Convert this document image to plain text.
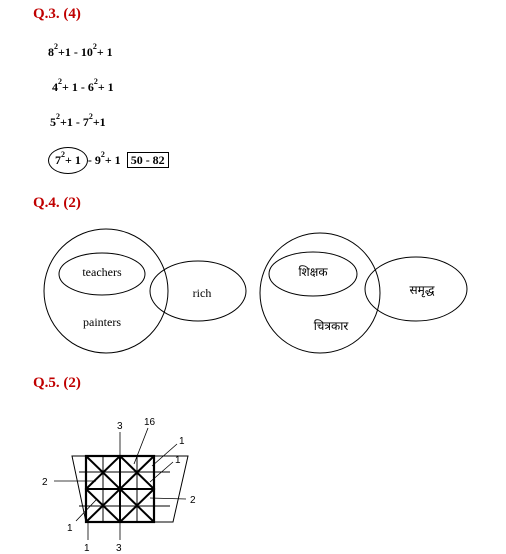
Q.3. (4)
$8^2+1 - 10^2+ 1$
$4^2+ 1 - 6^2+ 1$
$5^2+1 - 7^2+1$
$7^2+ 1 - 9^2+ 1$ 50 - 82
Q.4. (2)
teachers
painters
rich
शिक्षक
चित्रकार
समृद्ध
Q.5. (2)
3 16
1
1
2
2
1
1	3
